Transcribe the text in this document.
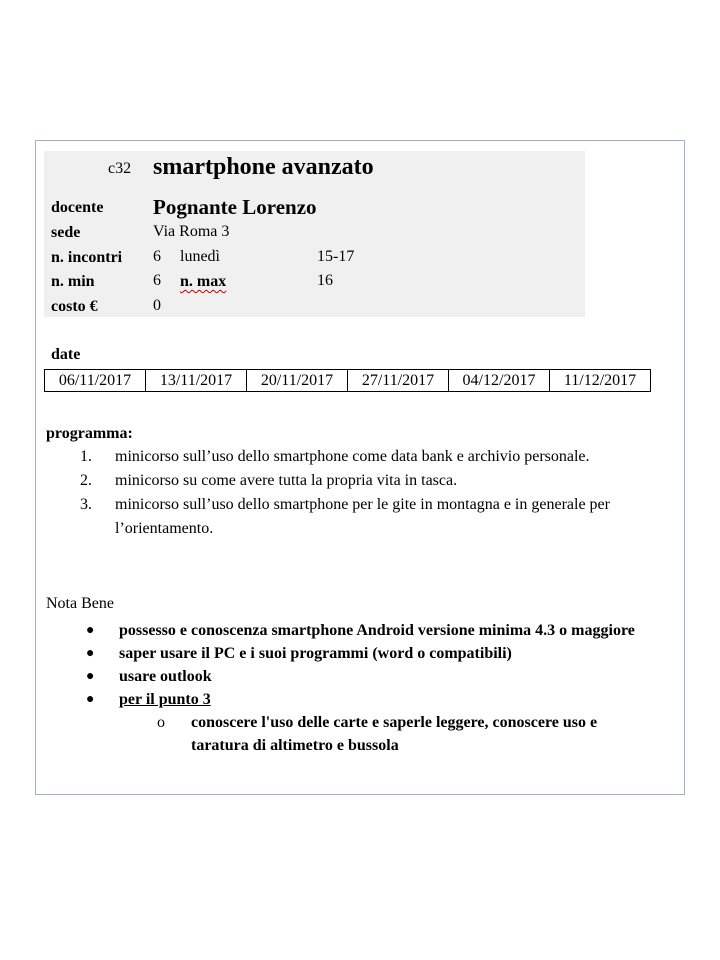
c32 smartphone avanzato
docente Pognante Lorenzo
sede	Via Roma 3
n. incontri 6 lunedì	15-17
n. min	6 n. max	16
costo €	0
date
06/11/2017	13/11/2017	20/11/2017	27/11/2017	04/12/2017	11/12/2017
programma:
1.	minicorso sull’uso dello smartphone come data bank e archivio personale.
2.	minicorso su come avere tutta la propria vita in tasca.
3.	minicorso sull’uso dello smartphone per le gite in montagna e in generale per l’orientamento.
Nota Bene
● possesso e conoscenza smartphone Android versione minima 4.3 o maggiore
● saper usare il PC e i suoi programmi (word o compatibili)
● usare outlook
● per il punto 3
o conoscere l'uso delle carte e saperle leggere, conoscere uso e taratura di altimetro e bussola
